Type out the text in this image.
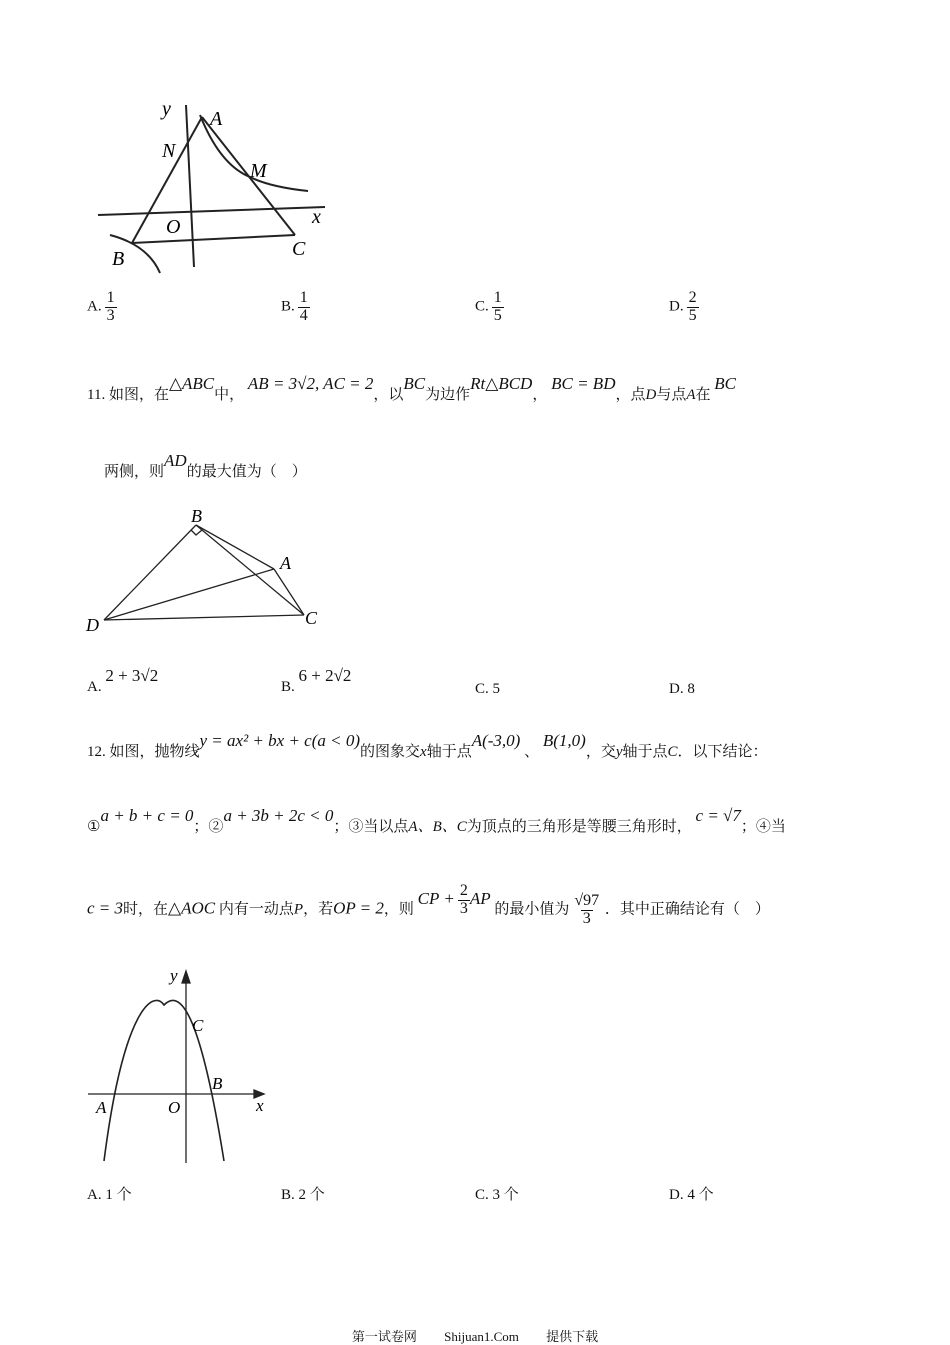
y A
N
M
x
O
B	C
A. $\frac{1}{3}$	B. $\frac{1}{4}$	C. $\frac{1}{5}$	D. $\frac{2}{5}$
11. 如图，在△ABC中， AB = 3√2, AC = 2，以BC为边作Rt△BCD， BC = BD，点D与点A在 BC
两侧，则AD的最大值为（　）
B
A
C
D
A. 2 + 3√2
B. 6 + 2√2
C. 5	D. 8
12. 如图，抛物线y = ax² + bx + c(a < 0)的图象交x轴于点A(-3,0) 、 B(1,0)，交y轴于点C．以下结论：
①a + b + c = 0；②a + 3b + 2c < 0；③当以点A、B、C为顶点的三角形是等腰三角形时， c = √7；④当
c = 3时，在△AOC 内有一动点P，若OP = 2，则 CP + $\frac{2}{3}$ AP 的最小值为 $\frac{√97}{3}$ ．其中正确结论有（　）
y
x
C
B
A	O
A. 1 个	B. 2 个	C. 3 个	D. 4 个
第一试卷网 Shijuan1.Com 提供下载
